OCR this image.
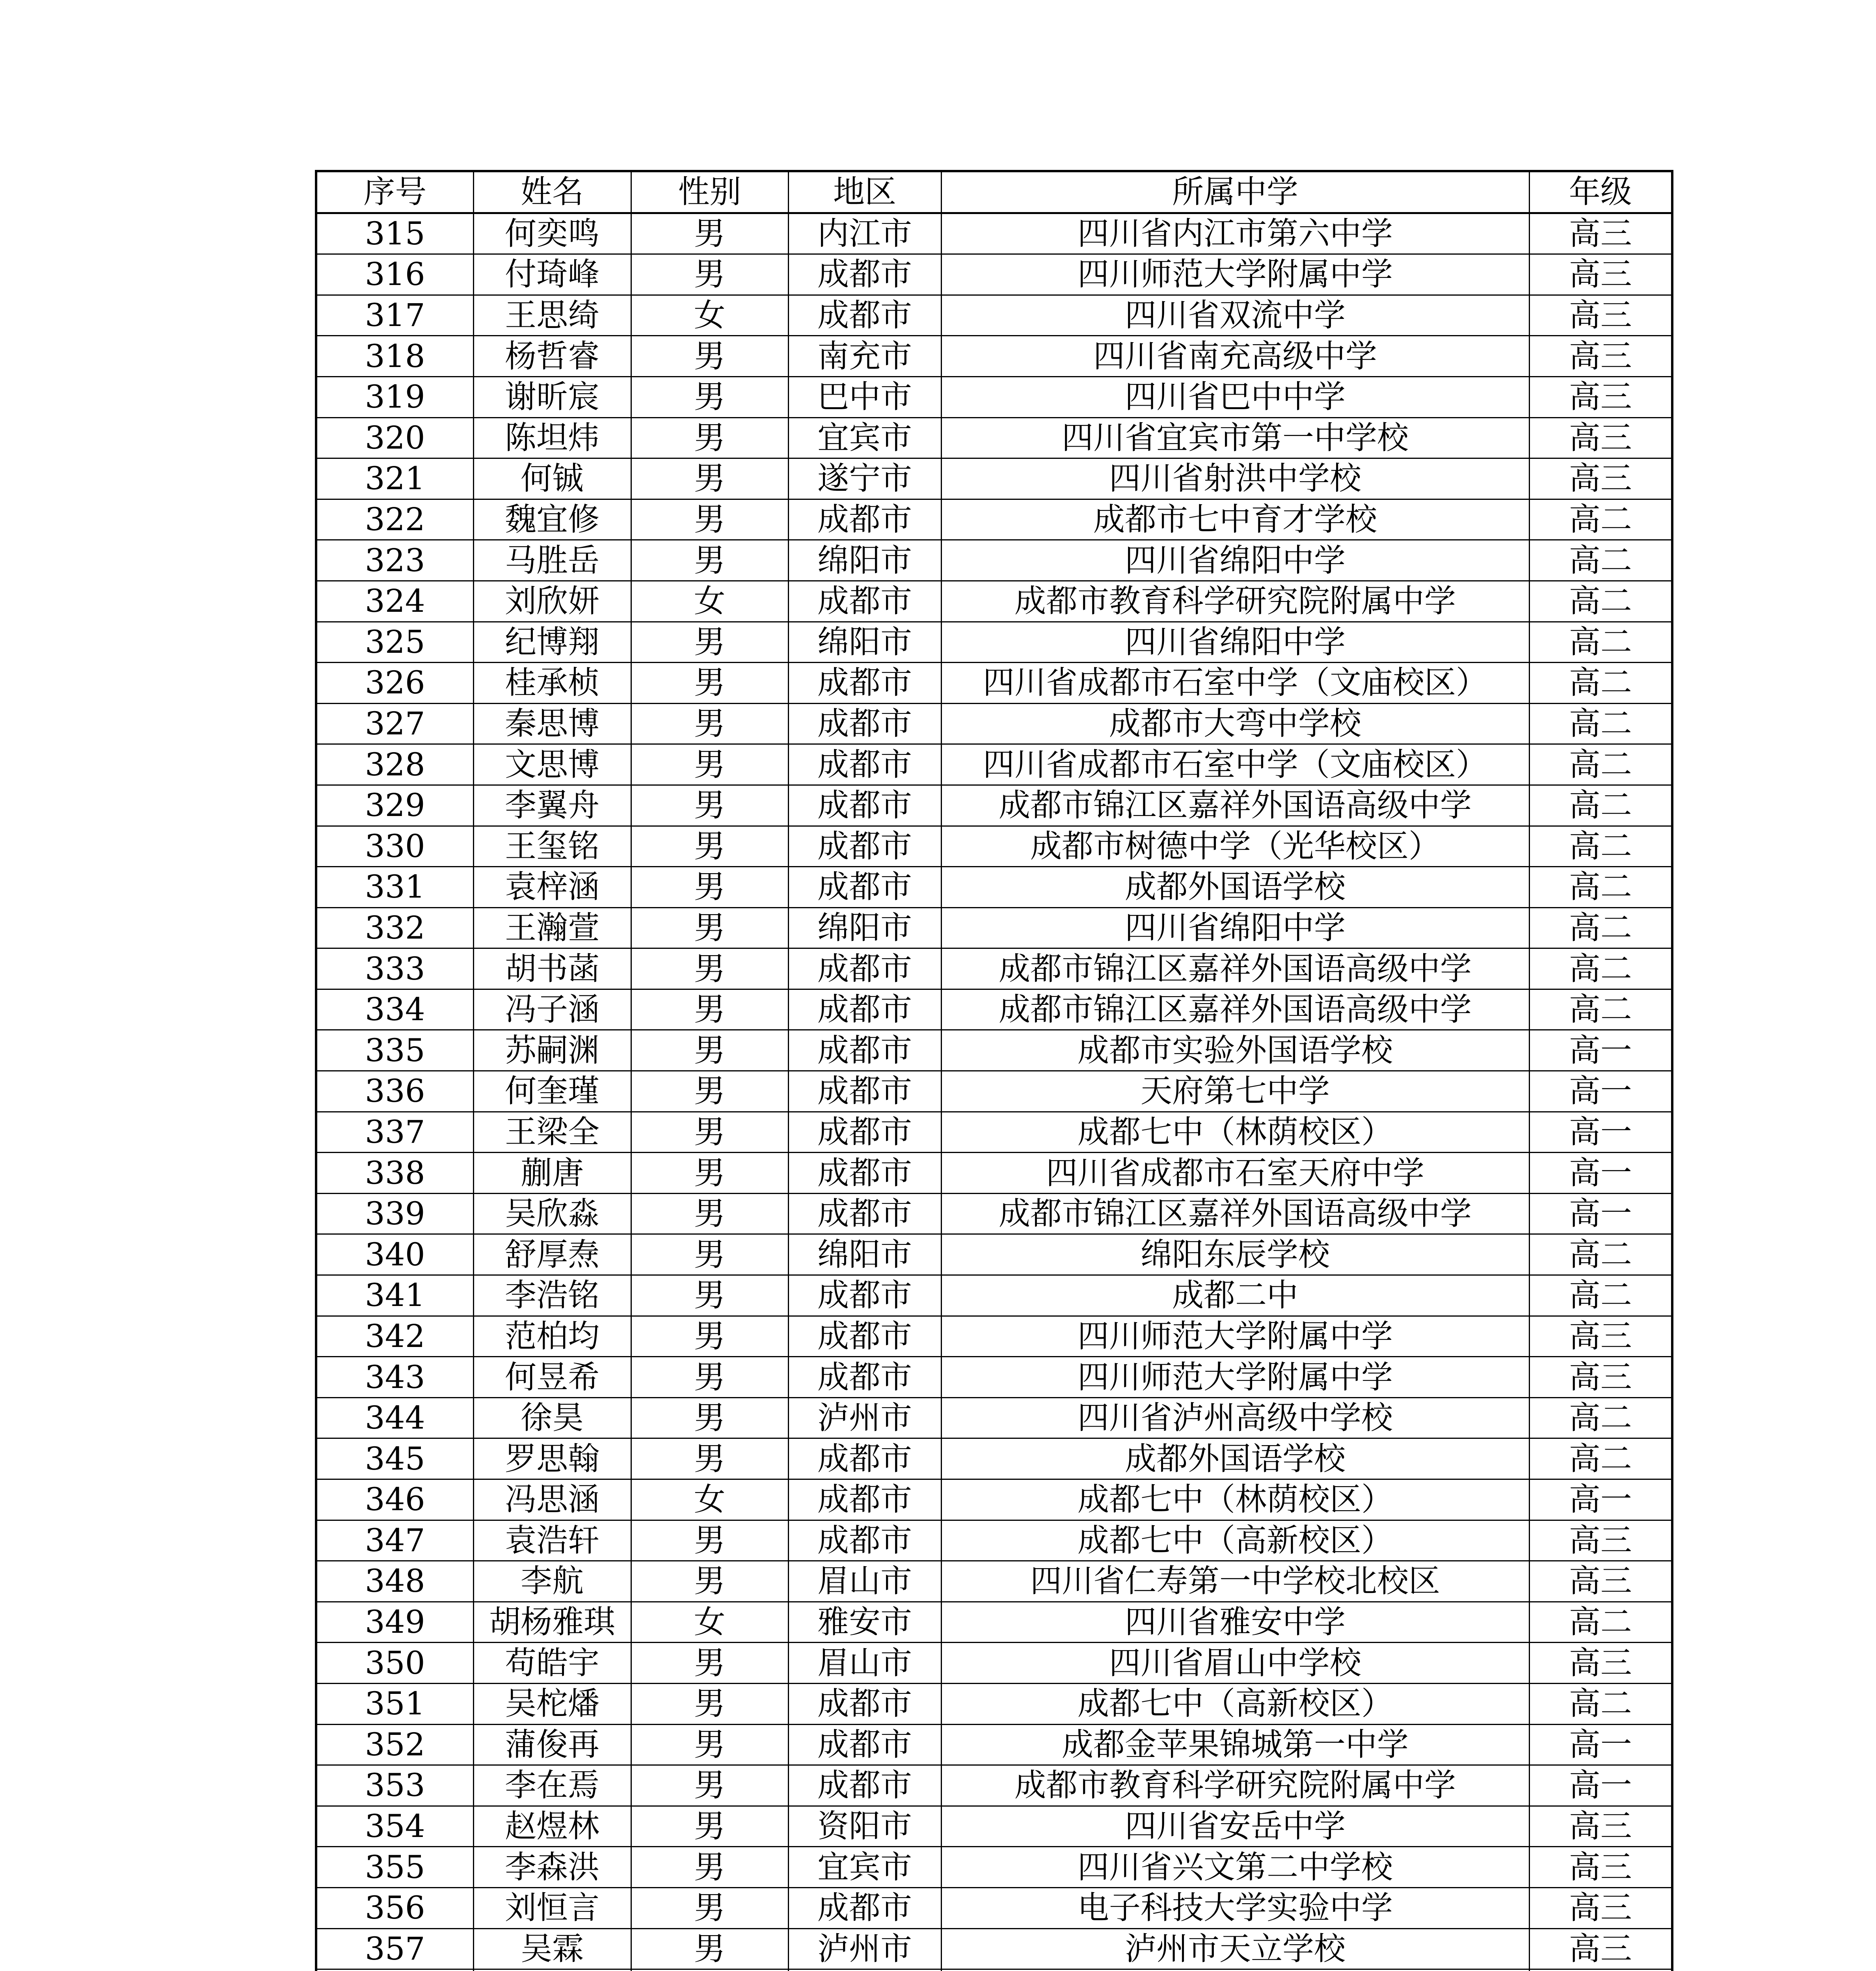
序号	姓名	性别	地区	所属中学	年级
315	何奕鸣	男	内江市	四川省内江市第六中学	高三
316	付琦峰	男	成都市	四川师范大学附属中学	高三
317	王思绮	女	成都市	四川省双流中学	高三
318	杨哲睿	男	南充市	四川省南充高级中学	高三
319	谢昕宸	男	巴中市	四川省巴中中学	高三
320	陈坦炜	男	宜宾市	四川省宜宾市第一中学校	高三
321	何铖	男	遂宁市	四川省射洪中学校	高三
322	魏宜修	男	成都市	成都市七中育才学校	高二
323	马胜岳	男	绵阳市	四川省绵阳中学	高二
324	刘欣妍	女	成都市	成都市教育科学研究院附属中学	高二
325	纪博翔	男	绵阳市	四川省绵阳中学	高二
326	桂承桢	男	成都市	四川省成都市石室中学（文庙校区）	高二
327	秦思博	男	成都市	成都市大弯中学校	高二
328	文思博	男	成都市	四川省成都市石室中学（文庙校区）	高二
329	李翼舟	男	成都市	成都市锦江区嘉祥外国语高级中学	高二
330	王玺铭	男	成都市	成都市树德中学（光华校区）	高二
331	袁梓涵	男	成都市	成都外国语学校	高二
332	王瀚萱	男	绵阳市	四川省绵阳中学	高二
333	胡书菡	男	成都市	成都市锦江区嘉祥外国语高级中学	高二
334	冯子涵	男	成都市	成都市锦江区嘉祥外国语高级中学	高二
335	苏嗣渊	男	成都市	成都市实验外国语学校	高一
336	何奎瑾	男	成都市	天府第七中学	高一
337	王梁全	男	成都市	成都七中（林荫校区）	高一
338	蒯唐	男	成都市	四川省成都市石室天府中学	高一
339	吴欣淼	男	成都市	成都市锦江区嘉祥外国语高级中学	高一
340	舒厚焘	男	绵阳市	绵阳东辰学校	高二
341	李浩铭	男	成都市	成都二中	高二
342	范柏均	男	成都市	四川师范大学附属中学	高三
343	何昱希	男	成都市	四川师范大学附属中学	高三
344	徐昊	男	泸州市	四川省泸州高级中学校	高二
345	罗思翰	男	成都市	成都外国语学校	高二
346	冯思涵	女	成都市	成都七中（林荫校区）	高一
347	袁浩轩	男	成都市	成都七中（高新校区）	高三
348	李航	男	眉山市	四川省仁寿第一中学校北校区	高三
349	胡杨雅琪	女	雅安市	四川省雅安中学	高二
350	苟皓宇	男	眉山市	四川省眉山中学校	高三
351	吴柁燔	男	成都市	成都七中（高新校区）	高二
352	蒲俊再	男	成都市	成都金苹果锦城第一中学	高一
353	李在焉	男	成都市	成都市教育科学研究院附属中学	高一
354	赵煜林	男	资阳市	四川省安岳中学	高三
355	李森洪	男	宜宾市	四川省兴文第二中学校	高三
356	刘恒言	男	成都市	电子科技大学实验中学	高三
357	吴霖	男	泸州市	泸州市天立学校	高三
